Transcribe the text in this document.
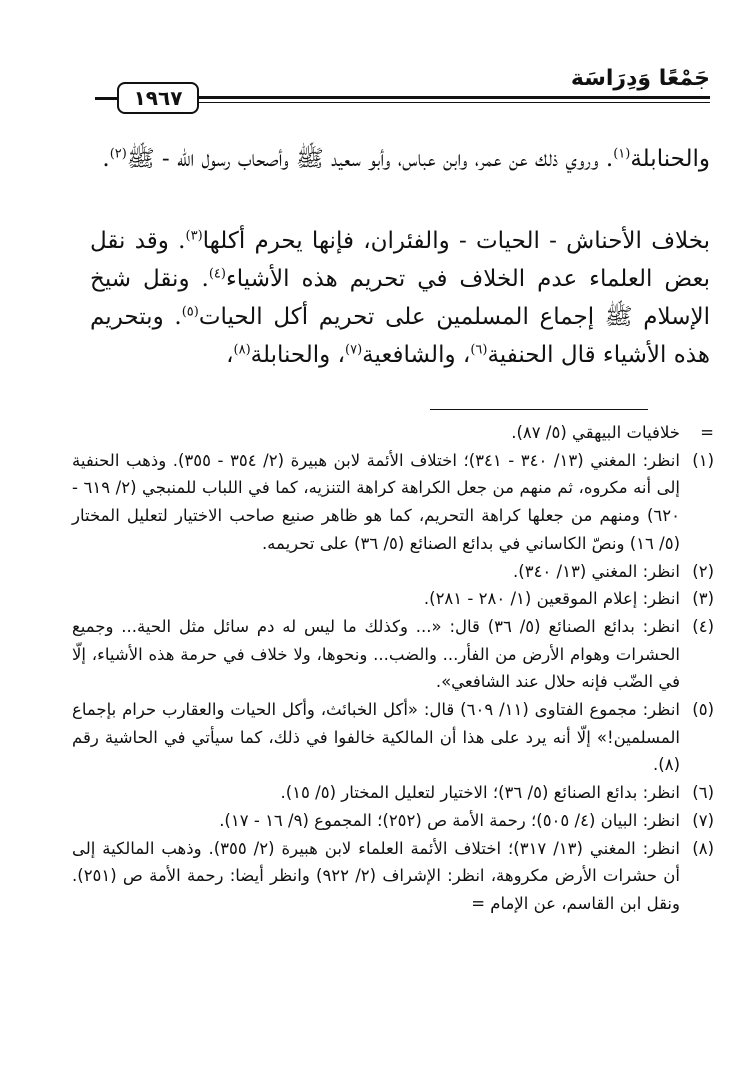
جَمْعًا وَدِرَاسَة
١٩٦٧

والحنابلة$^{(١)}$. وروي ذلك عن عمر، وابن عباس، وأبو سعيد ﷺ وأصحاب رسول الله - ﷺ$^{(٢)}$.

بخلاف الأحناش - الحيات - والفئران، فإنها يحرم أكلها$^{(٣)}$. وقد نقل بعض العلماء عدم الخلاف في تحريم هذه الأشياء$^{(٤)}$. ونقل شيخ الإسلام ﷺ إجماع المسلمين على تحريم أكل الحيات$^{(٥)}$. وبتحريم هذه الأشياء قال الحنفية$^{(٦)}$، والشافعية$^{(٧)}$، والحنابلة$^{(٨)}$،

=
خلافيات البيهقي (٥/ ٨٧).
(١)
انظر: المغني (١٣/ ٣٤٠ - ٣٤١)؛ اختلاف الأئمة لابن هبيرة (٢/ ٣٥٤ - ٣٥٥). وذهب الحنفية إلى أنه مكروه، ثم منهم من جعل الكراهة كراهة التنزيه، كما في اللباب للمنبجي (٢/ ٦١٩ - ٦٢٠) ومنهم من جعلها كراهة التحريم، كما هو ظاهر صنيع صاحب الاختيار لتعليل المختار (٥/ ١٦) ونصّ الكاساني في بدائع الصنائع (٥/ ٣٦) على تحريمه.
(٢)
انظر: المغني (١٣/ ٣٤٠).
(٣)
انظر: إعلام الموقعين (١/ ٢٨٠ - ٢٨١).
(٤)
انظر: بدائع الصنائع (٥/ ٣٦) قال: «... وكذلك ما ليس له دم سائل مثل الحية... وجميع الحشرات وهوام الأرض من الفأر... والضب... ونحوها، ولا خلاف في حرمة هذه الأشياء، إلّا في الضّب فإنه حلال عند الشافعي».
(٥)
انظر: مجموع الفتاوى (١١/ ٦٠٩) قال: «أكل الخبائث، وأكل الحيات والعقارب حرام بإجماع المسلمين!» إلّا أنه يرد على هذا أن المالكية خالفوا في ذلك، كما سيأتي في الحاشية رقم (٨).
(٦)
انظر: بدائع الصنائع (٥/ ٣٦)؛ الاختيار لتعليل المختار (٥/ ١٥).
(٧)
انظر: البيان (٤/ ٥٠٥)؛ رحمة الأمة ص (٢٥٢)؛ المجموع (٩/ ١٦ - ١٧).
(٨)
انظر: المغني (١٣/ ٣١٧)؛ اختلاف الأئمة العلماء لابن هبيرة (٢/ ٣٥٥). وذهب المالكية إلى أن حشرات الأرض مكروهة، انظر: الإشراف (٢/ ٩٢٢) وانظر أيضا: رحمة الأمة ص (٢٥١). ونقل ابن القاسم، عن الإمام =
